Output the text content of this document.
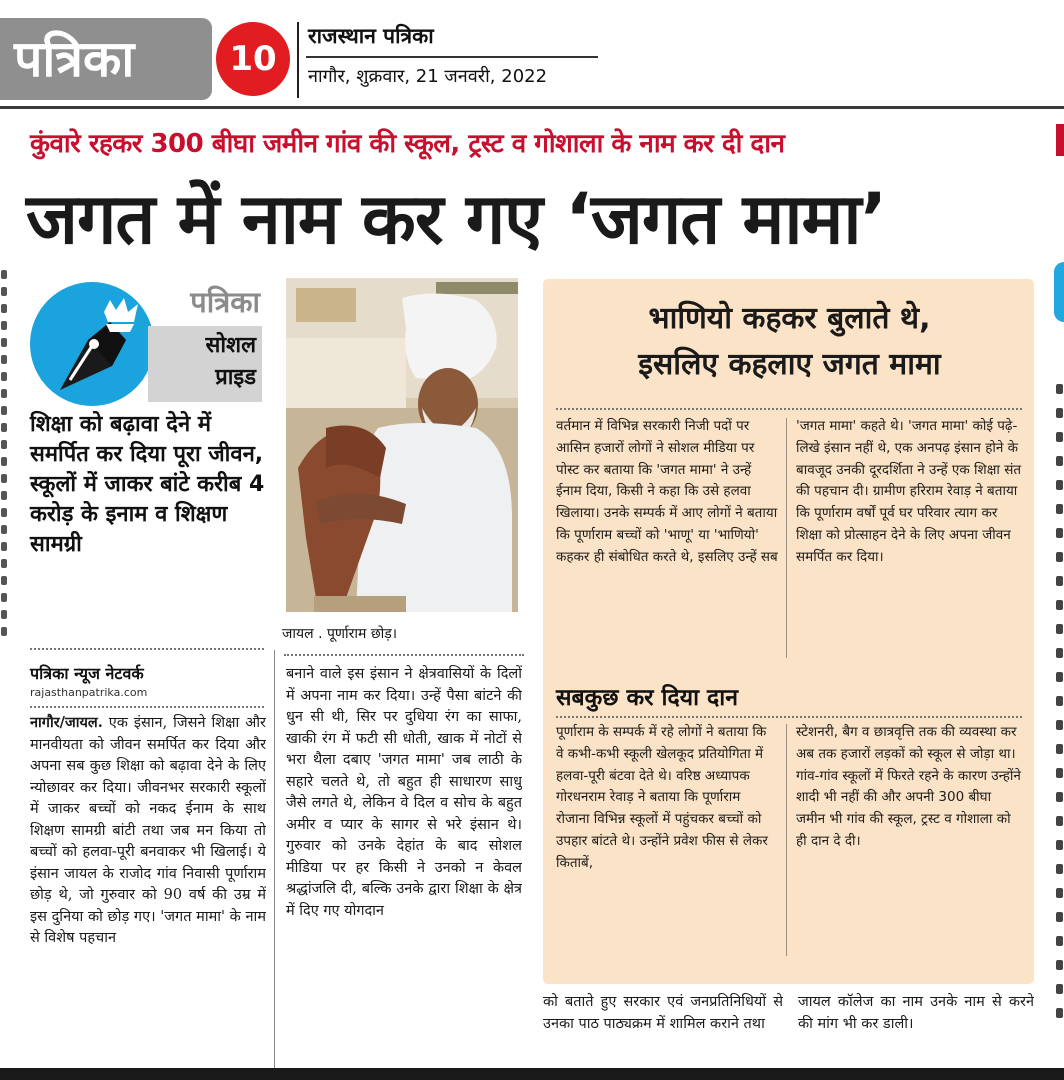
पत्रिका	10
राजस्थान पत्रिका
नागौर, शुक्रवार, 21 जनवरी, 2022
कुंवारे रहकर 300 बीघा जमीन गांव की स्कूल, ट्रस्ट व गोशाला के नाम कर दी दान
जगत में नाम कर गए ‘जगत मामा’
पत्रिका
सोशल
प्राइड
शिक्षा को बढ़ावा देने में समर्पित कर दिया पूरा जीवन, स्कूलों में जाकर बांटे करीब 4 करोड़ के इनाम व शिक्षण सामग्री
पत्रिका न्यूज नेटवर्क
rajasthanpatrika.com
नागौर/जायल. एक इंसान, जिसने शिक्षा और मानवीयता को जीवन समर्पित कर दिया और अपना सब कुछ शिक्षा को बढ़ावा देने के लिए न्योछावर कर दिया। जीवनभर सरकारी स्कूलों में जाकर बच्चों को नकद ईनाम के साथ शिक्षण सामग्री बांटी तथा जब मन किया तो बच्चों को हलवा-पूरी बनवाकर भी खिलाई। ये इंसान जायल के राजोद गांव निवासी पूर्णाराम छोड़ थे, जो गुरुवार को 90 वर्ष की उम्र में इस दुनिया को छोड़ गए। 'जगत मामा' के नाम से विशेष पहचान
जायल . पूर्णाराम छोड़।
बनाने वाले इस इंसान ने क्षेत्रवासियों के दिलों में अपना नाम कर दिया। उन्हें पैसा बांटने की धुन सी थी, सिर पर दुधिया रंग का साफा, खाकी रंग में फटी सी धोती, खाक में नोटों से भरा थैला दबाए 'जगत मामा' जब लाठी के सहारे चलते थे, तो बहुत ही साधारण साधु जैसे लगते थे, लेकिन वे दिल व सोच के बहुत अमीर व प्यार के सागर से भरे इंसान थे। गुरुवार को उनके देहांत के बाद सोशल मीडिया पर हर किसी ने उनको न केवल श्रद्धांजलि दी, बल्कि उनके द्वारा शिक्षा के क्षेत्र में दिए गए योगदान
भाणियो कहकर बुलाते थे,
इसलिए कहलाए जगत मामा
वर्तमान में विभिन्न सरकारी निजी पदों पर आसिन हजारों लोगों ने सोशल मीडिया पर पोस्ट कर बताया कि 'जगत मामा' ने उन्हें ईनाम दिया, किसी ने कहा कि उसे हलवा खिलाया। उनके सम्पर्क में आए लोगों ने बताया कि पूर्णाराम बच्चों को 'भाणू' या 'भाणियो' कहकर ही संबोधित करते थे, इसलिए उन्हें सब
'जगत मामा' कहते थे। 'जगत मामा' कोई पढ़े-लिखे इंसान नहीं थे, एक अनपढ़ इंसान होने के बावजूद उनकी दूरदर्शिता ने उन्हें एक शिक्षा संत की पहचान दी। ग्रामीण हरिराम रेवाड़ ने बताया कि पूर्णाराम वर्षों पूर्व घर परिवार त्याग कर शिक्षा को प्रोत्साहन देने के लिए अपना जीवन समर्पित कर दिया।
सबकुछ कर दिया दान
पूर्णाराम के सम्पर्क में रहे लोगों ने बताया कि वे कभी-कभी स्कूली खेलकूद प्रतियोगिता में हलवा-पूरी बंटवा देते थे। वरिष्ठ अध्यापक गोरधनराम रेवाड़ ने बताया कि पूर्णाराम रोजाना विभिन्न स्कूलों में पहुंचकर बच्चों को उपहार बांटते थे। उन्होंने प्रवेश फीस से लेकर किताबें,
स्टेशनरी, बैग व छात्रवृत्ति तक की व्यवस्था कर अब तक हजारों लड़कों को स्कूल से जोड़ा था। गांव-गांव स्कूलों में फिरते रहने के कारण उन्होंने शादी भी नहीं की और अपनी 300 बीघा जमीन भी गांव की स्कूल, ट्रस्ट व गोशाला को ही दान दे दी।
को बताते हुए सरकार एवं जनप्रतिनिधियों से उनका पाठ पाठ्यक्रम में शामिल कराने तथा
जायल कॉलेज का नाम उनके नाम से करने की मांग भी कर डाली।
